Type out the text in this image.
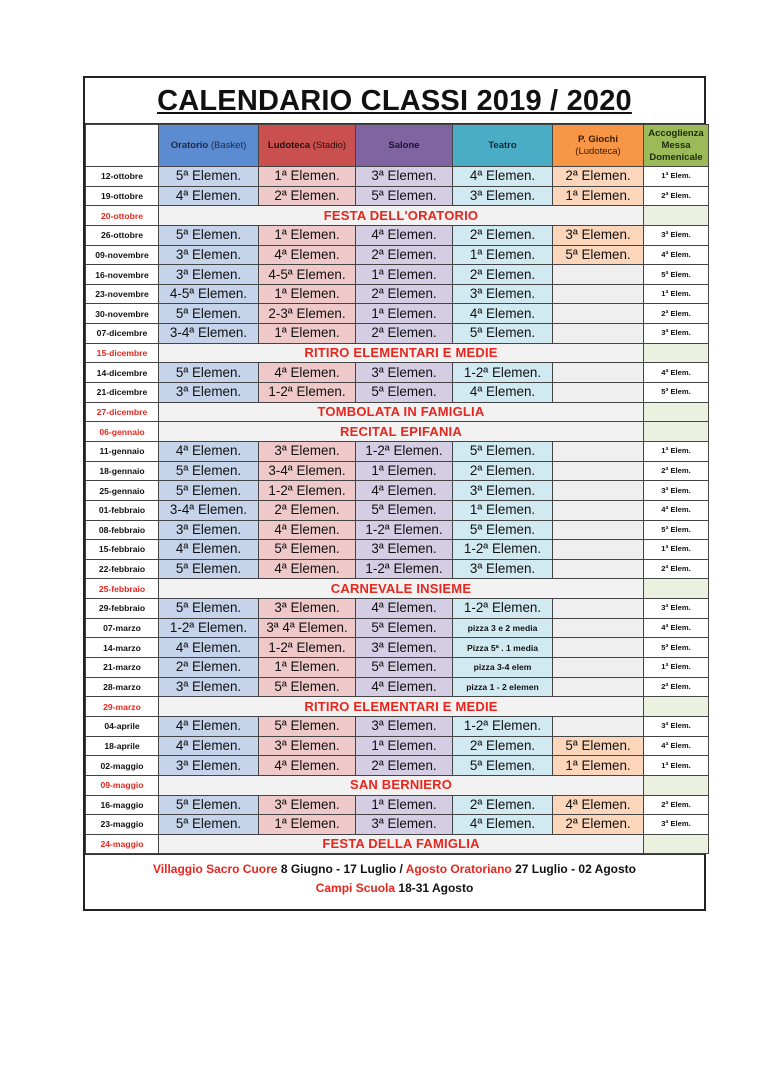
CALENDARIO CLASSI 2019 / 2020
	Oratorio (Basket)	Ludoteca (Stadio)	Salone	Teatro	P. Giochi
(Ludoteca)	Accoglienza Messa Domenicale
12-ottobre	5ª Elemen.	1ª Elemen.	3ª Elemen.	4ª Elemen.	2ª Elemen.	1ª Elem.
19-ottobre	4ª Elemen.	2ª Elemen.	5ª Elemen.	3ª Elemen.	1ª Elemen.	2ª Elem.
20-ottobre	FESTA DELL'ORATORIO					
26-ottobre	5ª Elemen.	1ª Elemen.	4ª Elemen.	2ª Elemen.	3ª Elemen.	3ª Elem.
09-novembre	3ª Elemen.	4ª Elemen.	2ª Elemen.	1ª Elemen.	5ª Elemen.	4ª Elem.
16-novembre	3ª Elemen.	4-5ª Elemen.	1ª Elemen.	2ª Elemen.		5ª Elem.
23-novembre	4-5ª Elemen.	1ª Elemen.	2ª Elemen.	3ª Elemen.		1ª Elem.
30-novembre	5ª Elemen.	2-3ª Elemen.	1ª Elemen.	4ª Elemen.		2ª Elem.
07-dicembre	3-4ª Elemen.	1ª Elemen.	2ª Elemen.	5ª Elemen.		3ª Elem.
15-dicembre	RITIRO ELEMENTARI E MEDIE					
14-dicembre	5ª Elemen.	4ª Elemen.	3ª Elemen.	1-2ª Elemen.		4ª Elem.
21-dicembre	3ª Elemen.	1-2ª Elemen.	5ª Elemen.	4ª Elemen.		5ª Elem.
27-dicembre	TOMBOLATA IN FAMIGLIA					
06-gennaio	RECITAL EPIFANIA					
11-gennaio	4ª Elemen.	3ª Elemen.	1-2ª Elemen.	5ª Elemen.		1ª Elem.
18-gennaio	5ª Elemen.	3-4ª Elemen.	1ª Elemen.	2ª Elemen.		2ª Elem.
25-gennaio	5ª Elemen.	1-2ª Elemen.	4ª Elemen.	3ª Elemen.		3ª Elem.
01-febbraio	3-4ª Elemen.	2ª Elemen.	5ª Elemen.	1ª Elemen.		4ª Elem.
08-febbraio	3ª Elemen.	4ª Elemen.	1-2ª Elemen.	5ª Elemen.		5ª Elem.
15-febbraio	4ª Elemen.	5ª Elemen.	3ª Elemen.	1-2ª Elemen.		1ª Elem.
22-febbraio	5ª Elemen.	4ª Elemen.	1-2ª Elemen.	3ª Elemen.		2ª Elem.
25-febbraio	CARNEVALE INSIEME					
29-febbraio	5ª Elemen.	3ª Elemen.	4ª Elemen.	1-2ª Elemen.		3ª Elem.
07-marzo	1-2ª Elemen.	3ª 4ª Elemen.	5ª Elemen.	pizza 3 e 2 media		4ª Elem.
14-marzo	4ª Elemen.	1-2ª Elemen.	3ª Elemen.	Pizza 5ª . 1 media		5ª Elem.
21-marzo	2ª Elemen.	1ª Elemen.	5ª Elemen.	pizza 3-4 elem		1ª Elem.
28-marzo	3ª Elemen.	5ª Elemen.	4ª Elemen.	pizza 1 - 2 elemen		2ª Elem.
29-marzo	RITIRO ELEMENTARI E MEDIE					
04-aprile	4ª Elemen.	5ª Elemen.	3ª Elemen.	1-2ª Elemen.		3ª Elem.
18-aprile	4ª Elemen.	3ª Elemen.	1ª Elemen.	2ª Elemen.	5ª Elemen.	4ª Elem.
02-maggio	3ª Elemen.	4ª Elemen.	2ª Elemen.	5ª Elemen.	1ª Elemen.	1ª Elem.
09-maggio	SAN BERNIERO					
16-maggio	5ª Elemen.	3ª Elemen.	1ª Elemen.	2ª Elemen.	4ª Elemen.	2ª Elem.
23-maggio	5ª Elemen.	1ª Elemen.	3ª Elemen.	4ª Elemen.	2ª Elemen.	3ª Elem.
24-maggio	FESTA DELLA FAMIGLIA					
Villaggio Sacro Cuore 8 Giugno - 17 Luglio / Agosto Oratoriano 27 Luglio - 02 Agosto
Campi Scuola 18-31 Agosto
